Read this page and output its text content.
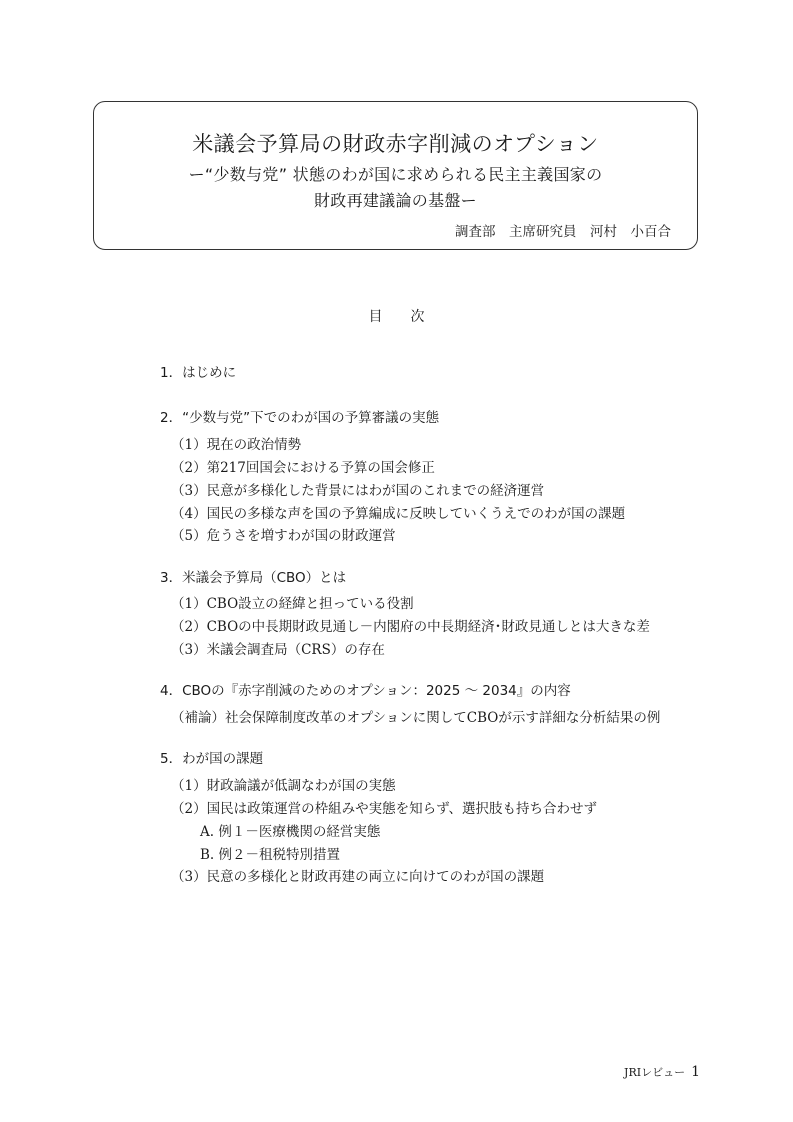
米議会予算局の財政赤字削減のオプション
ー“少数与党” 状態のわが国に求められる民主主義国家の
財政再建議論の基盤ー
調査部　主席研究員　河村　小百合
目　　次
1．はじめに
2．“少数与党”下でのわが国の予算審議の実態
（1）現在の政治情勢
（2）第217回国会における予算の国会修正
（3）民意が多様化した背景にはわが国のこれまでの経済運営
（4）国民の多様な声を国の予算編成に反映していくうえでのわが国の課題
（5）危うさを増すわが国の財政運営
3．米議会予算局（CBO）とは
（1）CBO設立の経緯と担っている役割
（2）CBOの中長期財政見通し－内閣府の中長期経済･財政見通しとは大きな差
（3）米議会調査局（CRS）の存在
4．CBOの『赤字削減のためのオプション：2025 ～ 2034』の内容
（補論）社会保障制度改革のオプションに関してCBOが示す詳細な分析結果の例
5．わが国の課題
（1）財政論議が低調なわが国の実態
（2）国民は政策運営の枠組みや実態を知らず、選択肢も持ち合わせず
A. 例１－医療機関の経営実態
B. 例２－租税特別措置
（3）民意の多様化と財政再建の両立に向けてのわが国の課題
JRIレビュー 1
